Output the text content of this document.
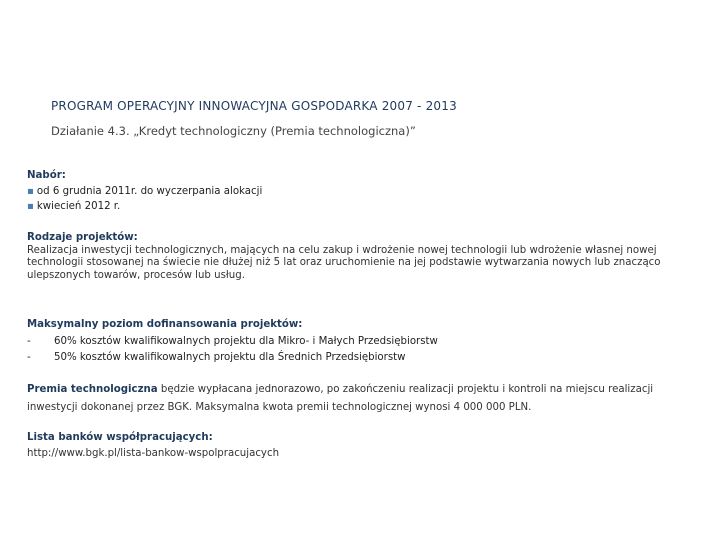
PROGRAM OPERACYJNY INNOWACYJNA GOSPODARKA 2007 - 2013
Działanie 4.3. „Kredyt technologiczny (Premia technologiczna)”
Nabór:
▪ od 6 grudnia 2011r. do wyczerpania alokacji
▪ kwiecień 2012 r.
Rodzaje projektów:
Realizacja inwestycji technologicznych, mających na celu zakup i wdrożenie nowej technologii lub wdrożenie własnej nowej technologii stosowanej na świecie nie dłużej niż 5 lat oraz uruchomienie na jej podstawie wytwarzania nowych lub znacząco ulepszonych towarów, procesów lub usług.
Maksymalny poziom dofinansowania projektów:
- 60% kosztów kwalifikowalnych projektu dla Mikro- i Małych Przedsiębiorstw
- 50% kosztów kwalifikowalnych projektu dla Średnich Przedsiębiorstw
Premia technologiczna będzie wypłacana jednorazowo, po zakończeniu realizacji projektu i kontroli na miejscu realizacji inwestycji dokonanej przez BGK. Maksymalna kwota premii technologicznej wynosi 4 000 000 PLN.
Lista banków współpracujących:
http://www.bgk.pl/lista-bankow-wspolpracujacych
